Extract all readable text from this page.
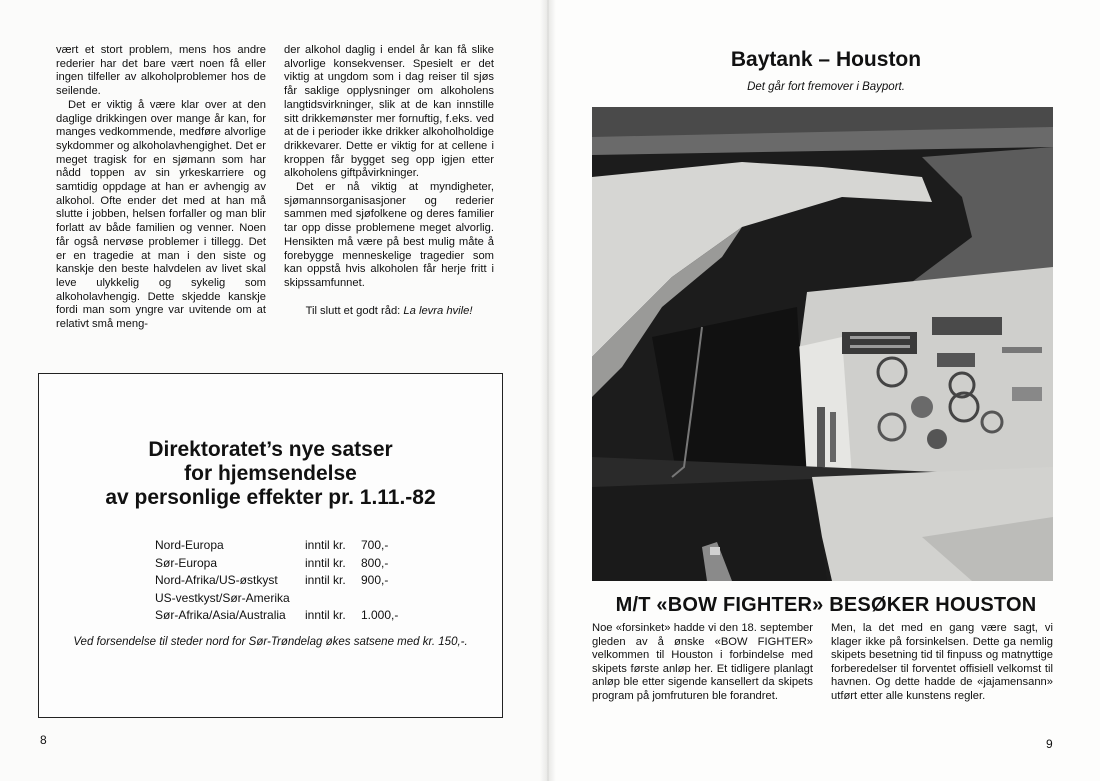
vært et stort problem, mens hos andre rederier har det bare vært noen få eller ingen tilfeller av alkoholproblemer hos de seilende.

Det er viktig å være klar over at den daglige drikkingen over mange år kan, for manges vedkommende, medføre alvorlige sykdommer og alkoholavhengighet. Det er meget tragisk for en sjømann som har nådd toppen av sin yrkeskarriere og samtidig oppdage at han er avhengig av alkohol. Ofte ender det med at han må slutte i jobben, helsen forfaller og man blir forlatt av både familien og venner. Noen får også nervøse problemer i tillegg. Det er en tragedie at man i den siste og kanskje den beste halvdelen av livet skal leve ulykkelig og sykelig som alkoholavhengig. Dette skjedde kanskje fordi man som yngre var uvitende om at relativt små meng-

der alkohol daglig i endel år kan få slike alvorlige konsekvenser. Spesielt er det viktig at ungdom som i dag reiser til sjøs får saklige opplysninger om alkoholens langtidsvirkninger, slik at de kan innstille sitt drikkemønster mer fornuftig, f.eks. ved at de i perioder ikke drikker alkoholholdige drikkevarer. Dette er viktig for at cellene i kroppen får bygget seg opp igjen etter alkoholens giftpåvirkninger.

Det er nå viktig at myndigheter, sjømannsorganisasjoner og rederier sammen med sjøfolkene og deres familier tar opp disse problemene meget alvorlig. Hensikten må være på best mulig måte å forebygge menneskelige tragedier som kan oppstå hvis alkoholen får herje fritt i skipssamfunnet.

Til slutt et godt råd: La levra hvile!

Direktoratet’s nye satser
for hjemsendelse
av personlige effekter pr. 1.11.-82
Nord-Europa	inntil kr.	700,-
Sør-Europa	inntil kr.	800,-
Nord-Afrika/US-østkyst	inntil kr.	900,-
US-vestkyst/Sør-Amerika
Sør-Afrika/Asia/Australia	inntil kr.	1.000,-
Ved forsendelse til steder nord for Sør-Trøndelag økes satsene med kr. 150,-.
8
Baytank – Houston
Det går fort fremover i Bayport.
M/T «BOW FIGHTER» BESØKER HOUSTON

Noe «forsinket» hadde vi den 18. september gleden av å ønske «BOW FIGHTER» velkommen til Houston i forbindelse med skipets første anløp her. Et tidligere planlagt anløp ble etter sigende kansellert da skipets program på jomfruturen ble forandret.

Men, la det med en gang være sagt, vi klager ikke på forsinkelsen. Dette ga nemlig skipets besetning tid til finpuss og matnyttige forberedelser til forventet offisiell velkomst til havnen. Og dette hadde de «jajamensann» utført etter alle kunstens regler.

9
